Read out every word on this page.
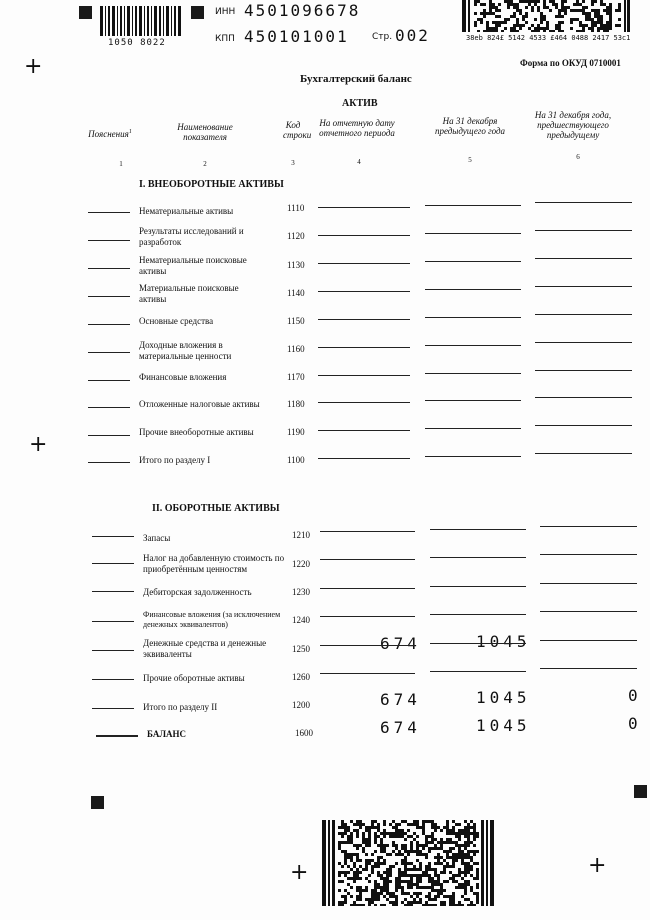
+
+
+	+
1050 8022
ИНН 4501096678
КПП 450101001	Стр. 002	38eb 824£ 5142 4533 £464 0488 2417 53c1
Форма по ОКУД 0710001
Бухгалтерский баланс
АКТИВ
Пояснения$^1$	Наименование показателя
Код строки
На отчетную дату отчетного периода
На 31 декабря предыдущего года
На 31 декабря года, предшествующего предыдущему
1	2	3	4	5	6
I. ВНЕОБОРОТНЫЕ АКТИВЫ
Нематериальные активы	1110
Результаты исследований и разработок
1120
Нематериальные поисковые активы
1130
Материальные поисковые активы
1140
Основные средства	1150
Доходные вложения в материальные ценности
1160
Финансовые вложения	1170
Отложенные налоговые активы	1180
Прочие внеоборотные активы	1190
Итого по разделу I	1100
II. ОБОРОТНЫЕ АКТИВЫ
Запасы	1210
Налог на добавленную стоимость по приобретённым ценностям	1220
Дебиторская задолженность	1230
Финансовые вложения (за исключением денежных эквивалентов)	1240
Денежные средства и денежные эквиваленты	1250	674	1045
Прочие оборотные активы	1260
Итого по разделу II	1200	674	1045	0
БАЛАНС	1600	674	1045	0
